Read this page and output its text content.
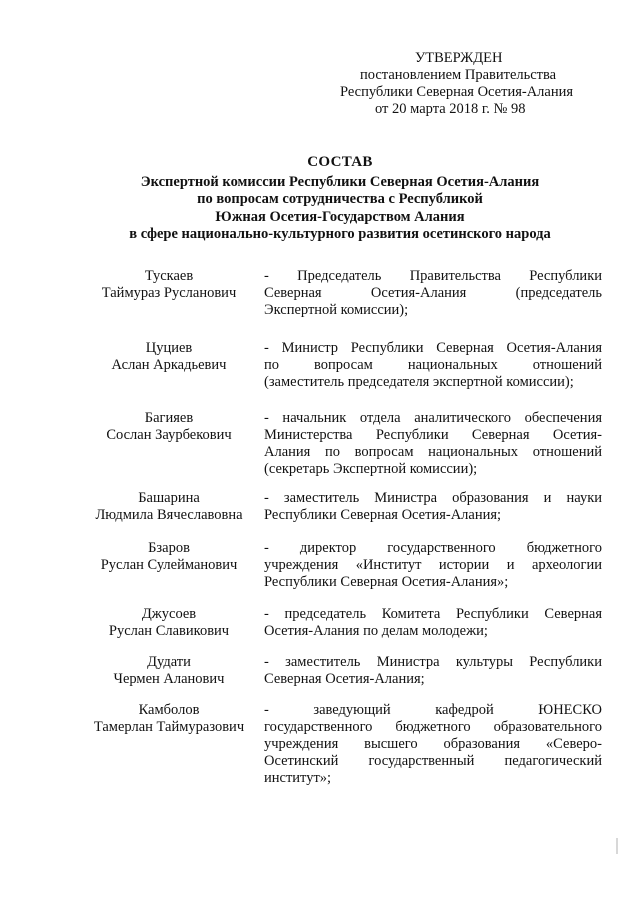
УТВЕРЖДЕН
постановлением Правительства
Республики Северная Осетия-Алания
от 20 марта 2018 г. № 98
СОСТАВ
Экспертной комиссии Республики Северная Осетия-Алания
по вопросам сотрудничества с Республикой
Южная Осетия-Государством Алания
в сфере национально-культурного развития осетинского народа
Тускаев
Таймураз Русланович
- Председатель Правительства Республики
Северная Осетия-Алания (председатель
Экспертной комиссии);
Цуциев
Аслан Аркадьевич
- Министр Республики Северная Осетия-Алания
по вопросам национальных отношений
(заместитель председателя экспертной комиссии);
Багияев
Сослан Заурбекович
- начальник отдела аналитического обеспечения
Министерства Республики Северная Осетия-
Алания по вопросам национальных отношений
(секретарь Экспертной комиссии);
Башарина
Людмила Вячеславовна
- заместитель Министра образования и науки
Республики Северная Осетия-Алания;
Бзаров
Руслан Сулейманович
- директор государственного бюджетного
учреждения «Институт истории и археологии
Республики Северная Осетия-Алания»;
Джусоев
Руслан Славикович
- председатель Комитета Республики Северная
Осетия-Алания по делам молодежи;
Дудати
Чермен Аланович
- заместитель Министра культуры Республики
Северная Осетия-Алания;
Камболов
Тамерлан Таймуразович
- заведующий кафедрой ЮНЕСКО
государственного бюджетного образовательного
учреждения высшего образования «Северо-
Осетинский государственный педагогический
институт»;
